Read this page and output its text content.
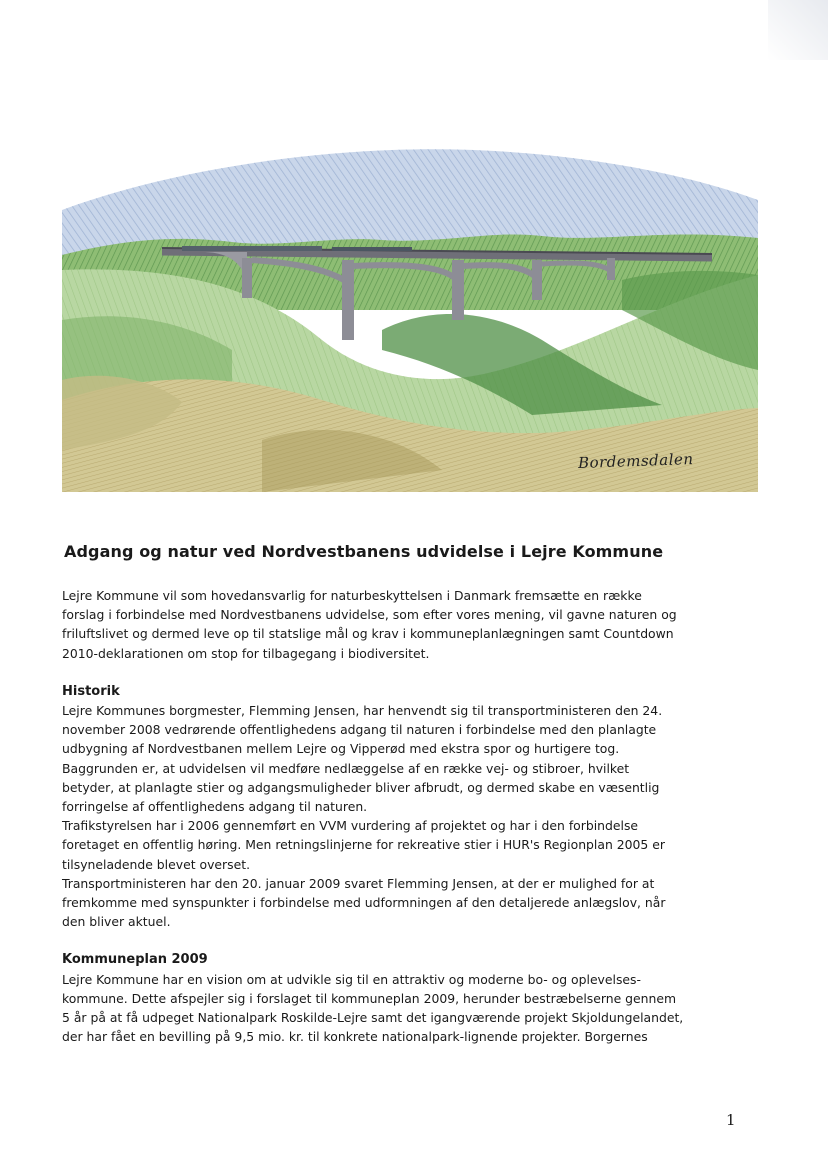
Bordemsdalen
Adgang og natur ved Nordvestbanens udvidelse i Lejre Kommune

Lejre Kommune vil som hovedansvarlig for naturbeskyttelsen i Danmark fremsætte en række

forslag i forbindelse med Nordvestbanens udvidelse, som efter vores mening, vil gavne naturen og

friluftslivet og dermed leve op til statslige mål og krav i kommuneplanlægningen samt Countdown

2010-deklarationen om stop for tilbagegang i biodiversitet.

Historik

Lejre Kommunes borgmester, Flemming Jensen, har henvendt sig til transportministeren den 24.

november 2008 vedrørende offentlighedens adgang til naturen i forbindelse med den planlagte

udbygning af Nordvestbanen mellem Lejre og Vipperød med ekstra spor og hurtigere tog.

Baggrunden er, at udvidelsen vil medføre nedlæggelse af en række vej- og stibroer, hvilket

betyder, at planlagte stier og adgangsmuligheder bliver afbrudt, og dermed skabe en væsentlig

forringelse af offentlighedens adgang til naturen.

Trafikstyrelsen har i 2006 gennemført en VVM vurdering af projektet og har i den forbindelse

foretaget en offentlig høring. Men retningslinjerne for rekreative stier i HUR's Regionplan 2005 er

tilsyneladende blevet overset.

Transportministeren har den 20. januar 2009 svaret Flemming Jensen, at der er mulighed for at

fremkomme med synspunkter i forbindelse med udformningen af den detaljerede anlægslov, når

den bliver aktuel.

Kommuneplan 2009

Lejre Kommune har en vision om at udvikle sig til en attraktiv og moderne bo- og oplevelses-

kommune. Dette afspejler sig i forslaget til kommuneplan 2009, herunder bestræbelserne gennem

5 år på at få udpeget Nationalpark Roskilde-Lejre samt det igangværende projekt Skjoldungelandet,

der har fået en bevilling på 9,5 mio. kr. til konkrete nationalpark-lignende projekter. Borgernes

1
